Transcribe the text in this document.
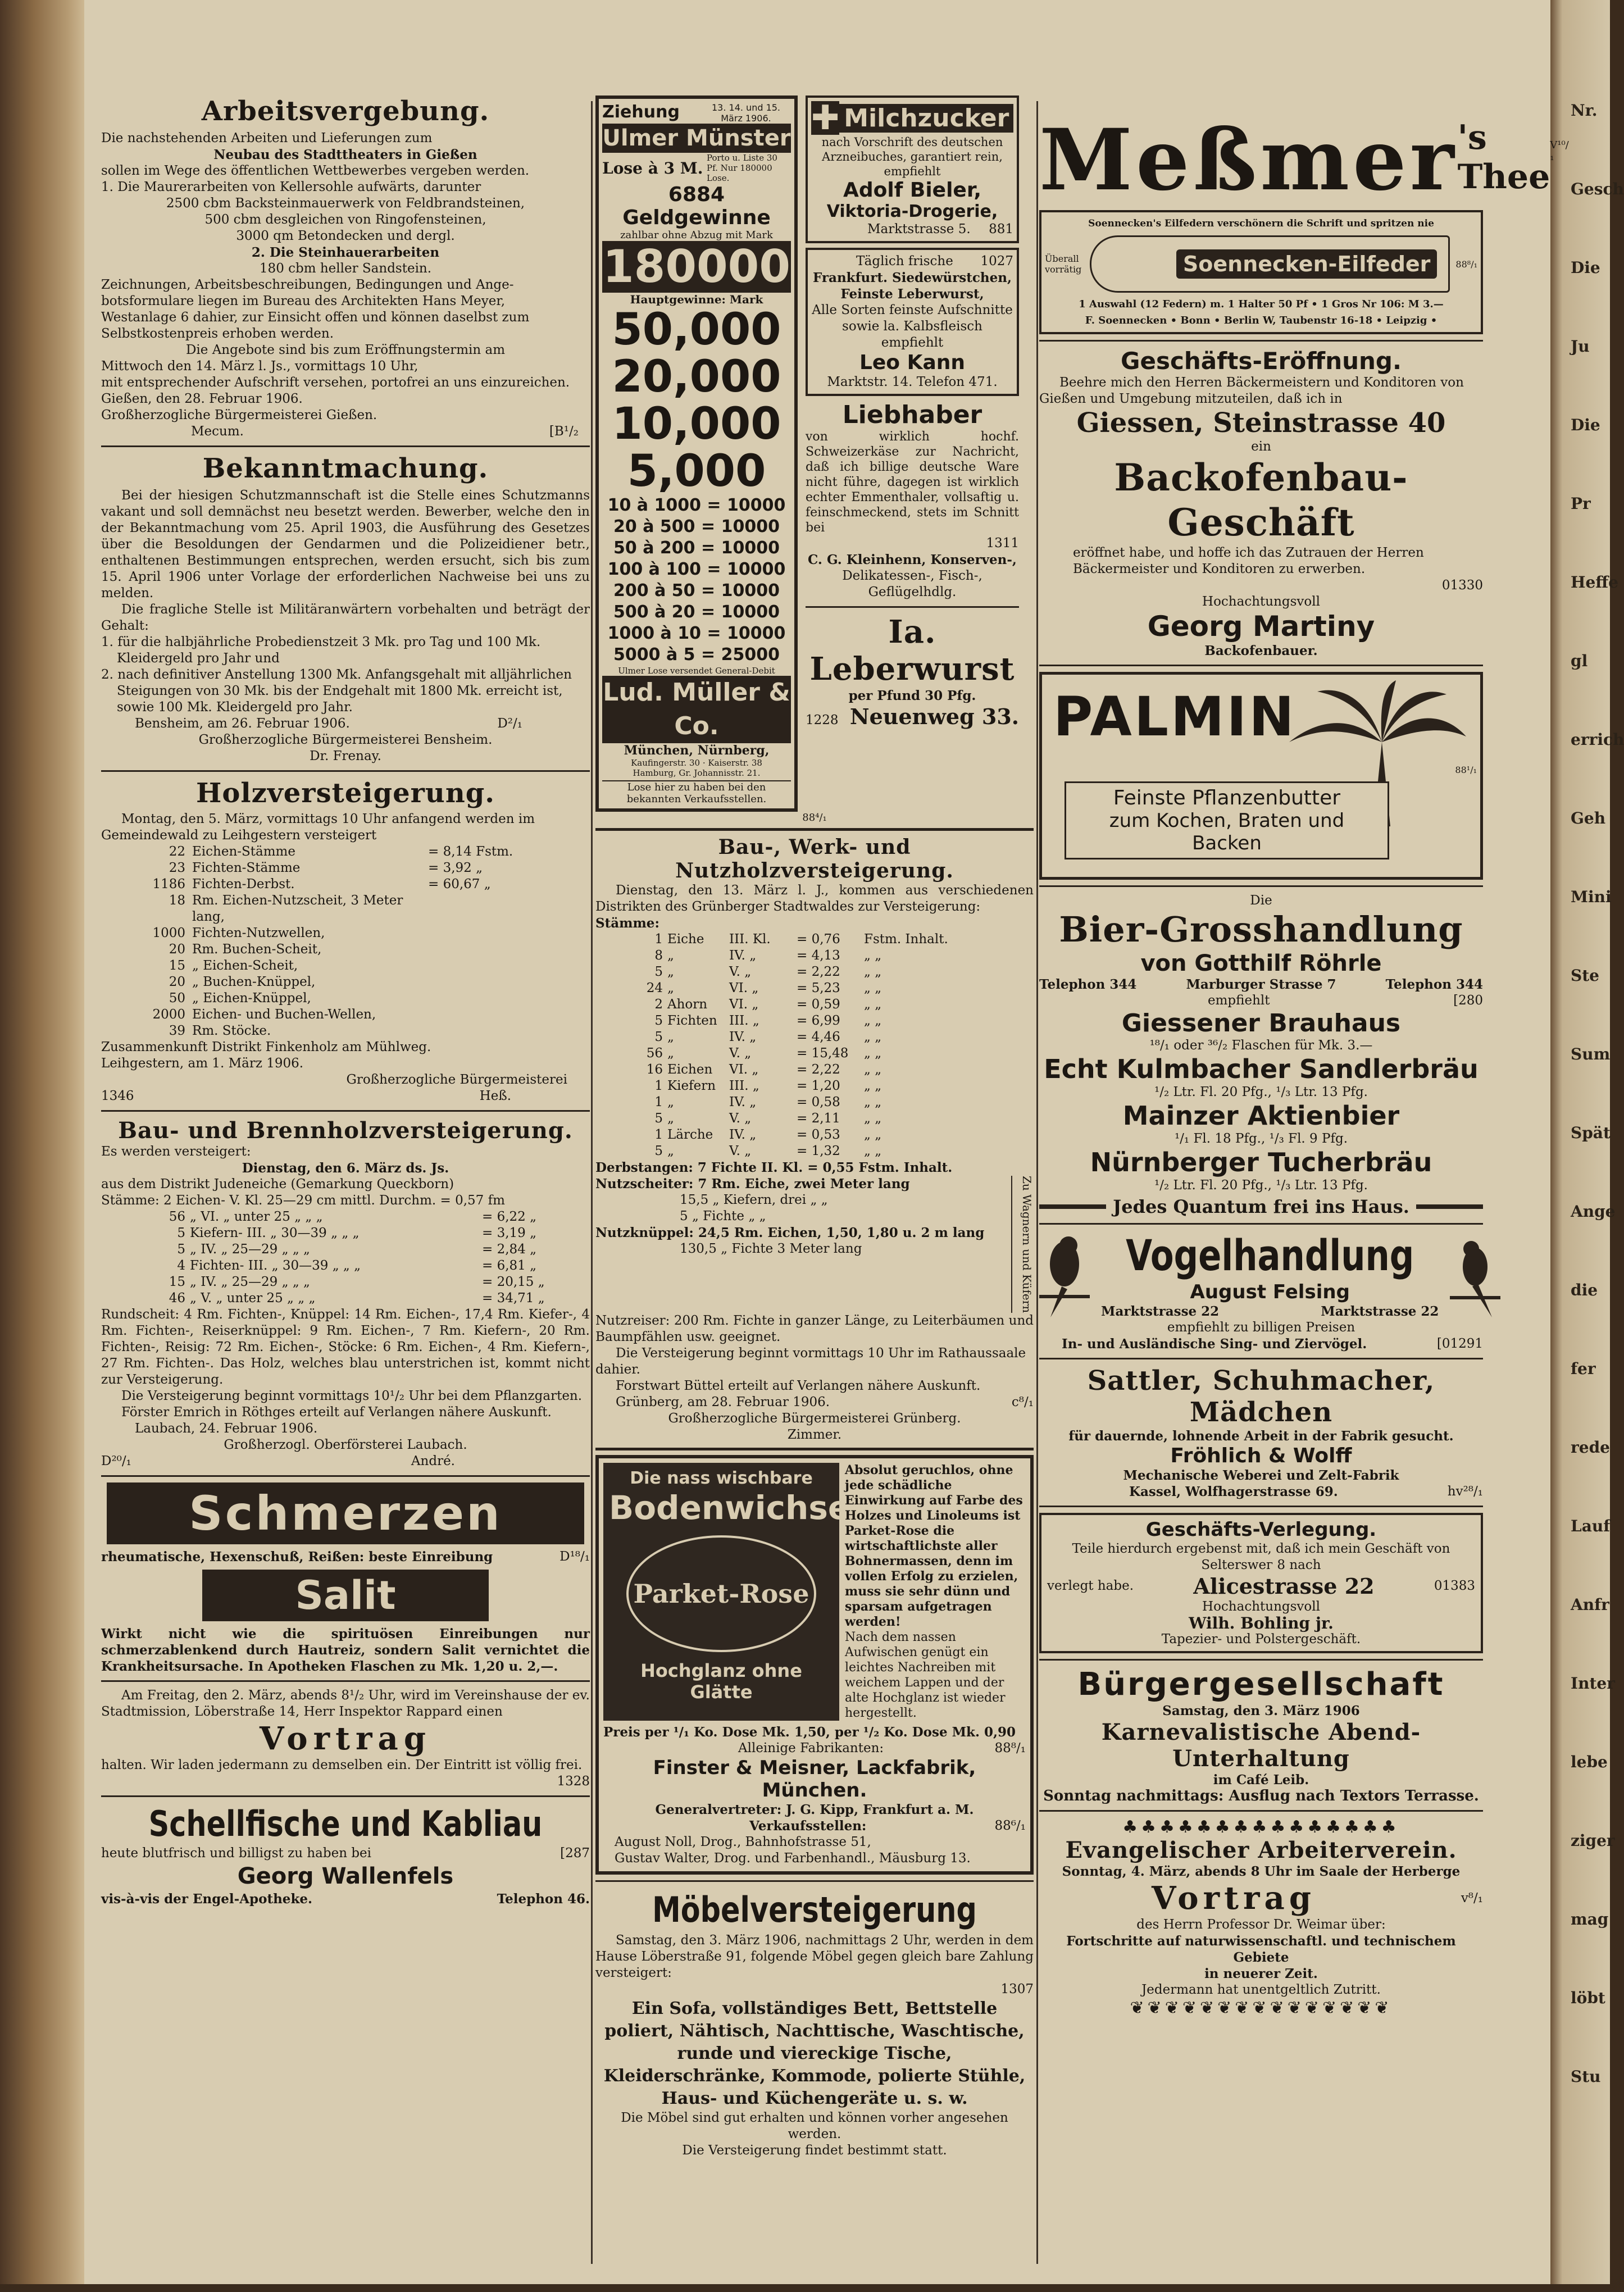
Nr.
Gesch
Die
Ju
Die
Pr
Heffe
gl
errich
Geh
Mini
Ste
Sum
Spät
Ange
die
fer
rede
Lauf
Anfr
Inter
lebe
ziger
mag
löbt
Stu
Arbeitsvergebung.

Die nachstehenden Arbeiten und Lieferungen zum

Neubau des Stadttheaters in Gießen

sollen im Wege des öffentlichen Wettbewerbes vergeben werden.

1. Die Maurerarbeiten von Kellersohle aufwärts, darunter

2500 cbm Backsteinmauerwerk von Feldbrandsteinen,

500 cbm desgleichen von Ringofensteinen,

3000 qm Betondecken und dergl.

2. Die Steinhauerarbeiten

180 cbm heller Sandstein.

Zeichnungen, Arbeitsbeschreibungen, Bedingungen und Ange-

botsformulare liegen im Bureau des Architekten Hans Meyer,

Westanlage 6 dahier, zur Einsicht offen und können daselbst zum

Selbstkostenpreis erhoben werden.

Die Angebote sind bis zum Eröffnungstermin am

Mittwoch den 14. März l. Js., vormittags 10 Uhr,

mit entsprechender Aufschrift versehen, portofrei an uns einzureichen.

Gießen, den 28. Februar 1906.

Großherzogliche Bürgermeisterei Gießen.

Mecum.	[B¹/₂
Bekanntmachung.

Bei der hiesigen Schutzmannschaft ist die Stelle eines Schutzmanns vakant und soll demnächst neu besetzt werden. Bewerber, welche den in der Bekanntmachung vom 25. April 1903, die Ausführung des Gesetzes über die Besoldungen der Gendarmen und die Polizeidiener betr., enthaltenen Bestimmungen entsprechen, werden ersucht, sich bis zum 15. April 1906 unter Vorlage der erforderlichen Nachweise bei uns zu melden.

Die fragliche Stelle ist Militäranwärtern vorbehalten und beträgt der Gehalt:

1. für die halbjährliche Probedienstzeit 3 Mk. pro Tag und 100 Mk. Kleidergeld pro Jahr und

2. nach definitiver Anstellung 1300 Mk. Anfangsgehalt mit alljährlichen Steigungen von 30 Mk. bis der Endgehalt mit 1800 Mk. erreicht ist, sowie 100 Mk. Kleidergeld pro Jahr.

Bensheim, am 26. Februar 1906.	D²/₁

Großherzogliche Bürgermeisterei Bensheim.

Dr. Frenay.

Holzversteigerung.

Montag, den 5. März, vormittags 10 Uhr anfangend werden im Gemeindewald zu Leihgestern versteigert

22 Eichen-Stämme	= 8,14 Fstm.
23 Fichten-Stämme	= 3,92 „
1186 Fichten-Derbst.	= 60,67 „
18 Rm. Eichen-Nutzscheit, 3 Meter lang,
1000 Fichten-Nutzwellen,
20 Rm. Buchen-Scheit,
15 „ Eichen-Scheit,
20 „ Buchen-Knüppel,
50 „ Eichen-Knüppel,
2000 Eichen- und Buchen-Wellen,
39 Rm. Stöcke.

Zusammenkunft Distrikt Finkenholz am Mühlweg.

Leihgestern, am 1. März 1906.

Großherzogliche Bürgermeisterei

1346	Heß.
Bau- und Brennholzversteigerung.

Es werden versteigert:

Dienstag, den 6. März ds. Js.

aus dem Distrikt Judeneiche (Gemarkung Queckborn)

Stämme: 2 Eichen- V. Kl. 25—29 cm mittl. Durchm. = 0,57 fm

56 „ VI. „ unter 25 „ „ „	= 6,22 „
5 Kiefern- III. „ 30—39 „ „ „	= 3,19 „
5 „ IV. „ 25—29 „ „ „	= 2,84 „
4 Fichten- III. „ 30—39 „ „ „	= 6,81 „
15 „ IV. „ 25—29 „ „ „	= 20,15 „
46 „ V. „ unter 25 „ „ „	= 34,71 „

Rundscheit: 4 Rm. Fichten-, Knüppel: 14 Rm. Eichen-, 17,4 Rm. Kiefer-, 4 Rm. Fichten-, Reiserknüppel: 9 Rm. Eichen-, 7 Rm. Kiefern-, 20 Rm. Fichten-, Reisig: 72 Rm. Eichen-, Stöcke: 6 Rm. Eichen-, 4 Rm. Kiefern-, 27 Rm. Fichten-. Das Holz, welches blau unterstrichen ist, kommt nicht zur Versteigerung.

Die Versteigerung beginnt vormittags 10¹/₂ Uhr bei dem Pflanzgarten.

Förster Emrich in Röthges erteilt auf Verlangen nähere Auskunft.

Laubach, 24. Februar 1906.

Großherzogl. Oberförsterei Laubach.

D²⁰/₁	André.
Schmerzen
rheumatische, Hexenschuß, Reißen: beste Einreibung	D¹⁸/₁
Salit

Wirkt nicht wie die spirituösen Einreibungen nur schmerzablenkend durch Hautreiz, sondern Salit vernichtet die Krankheitsursache. In Apotheken Flaschen zu Mk. 1,20 u. 2,—.

Am Freitag, den 2. März, abends 8¹/₂ Uhr, wird im Vereinshause der ev. Stadtmission, Löberstraße 14, Herr Inspektor Rappard einen

Vortrag

halten. Wir laden jedermann zu demselben ein. Der Eintritt ist völlig frei.

1328

Schellfische und Kabliau
heute blutfrisch und billigst zu haben bei	[287
Georg Wallenfels
vis-à-vis der Engel-Apotheke.	Telephon 46.
Ziehung	13. 14. und 15. März 1906.
Ulmer Münster
Lose à 3 M.
Porto u. Liste 30 Pf. Nur 180000 Lose.
6884 Geldgewinne
zahlbar ohne Abzug mit Mark
180000
Hauptgewinne: Mark
50,000
20,000
10,000
5,000
10 à 1000 = 10000
20 à 500 = 10000
50 à 200 = 10000
100 à 100 = 10000
200 à 50 = 10000
500 à 20 = 10000
1000 à 10 = 10000
5000 à 5 = 25000
Ulmer Lose versendet General-Debit
Lud. Müller & Co.
München, Nürnberg,
Kaufingerstr. 30 · Kaiserstr. 38
Hamburg, Gr. Johannisstr. 21.
Lose hier zu haben bei den bekannten Verkaufsstellen.
✚ Milchzucker

nach Vorschrift des deutschen Arzneibuches, garantiert rein, empfiehlt

Adolf Bieler,
Viktoria-Drogerie,
Marktstrasse 5. 881
Täglich frische 1027

Frankfurt. Siedewürstchen,

Feinste Leberwurst,

Alle Sorten feinste Aufschnitte

sowie la. Kalbsfleisch

empfiehlt

Leo Kann

Marktstr. 14. Telefon 471.

Liebhaber

von wirklich hochf. Schweizerkäse zur Nachricht, daß ich billige deutsche Ware nicht führe, dagegen ist wirklich echter Emmenthaler, vollsaftig u. feinschmeckend, stets im Schnitt bei

1311

C. G. Kleinhenn, Konserven-,

Delikatessen-, Fisch-, Geflügelhdlg.

Ia. Leberwurst

per Pfund 30 Pfg.

1228 Neuenweg 33.
88⁴/₁
Bau-, Werk- und Nutzholzversteigerung.

Dienstag, den 13. März l. J., kommen aus verschiedenen Distrikten des Grünberger Stadtwaldes zur Versteigerung:

Stämme:

1 Eiche	III. Kl.	= 0,76	Fstm. Inhalt.
8 „	IV. „	= 4,13	„ „
5 „	V. „	= 2,22	„ „
24 „	VI. „	= 5,23	„ „
2 Ahorn	VI. „	= 0,59	„ „
5 Fichten III. „	= 6,99	„ „
5 „	IV. „	= 4,46	„ „
56 „	V. „	= 15,48	„ „
16 Eichen	VI. „	= 2,22	„ „
1 Kiefern	III. „	= 1,20	„ „
1 „	IV. „	= 0,58	„ „
5 „	V. „	= 2,11	„ „
1 Lärche	IV. „	= 0,53	„ „
5 „	V. „	= 1,32	„ „

Derbstangen: 7 Fichte II. Kl. = 0,55 Fstm. Inhalt.

Nutzscheiter: 7 Rm. Eiche, zwei Meter lang

15,5 „ Kiefern, drei „ „

5 „ Fichte „ „

Nutzknüppel: 24,5 Rm. Eichen, 1,50, 1,80 u. 2 m lang

130,5 „ Fichte 3 Meter lang	Zu Wagnern und Küfern

Nutzreiser: 200 Rm. Fichte in ganzer Länge, zu Leiterbäumen und Baumpfählen usw. geeignet.

Die Versteigerung beginnt vormittags 10 Uhr im Rathaussaale dahier.

Forstwart Büttel erteilt auf Verlangen nähere Auskunft.

Grünberg, am 28. Februar 1906.	c⁸/₁

Großherzogliche Bürgermeisterei Grünberg.

Zimmer.

Die nass wischbare
Bodenwichse
Parket-Rose
Hochglanz ohne Glätte

Absolut geruchlos, ohne jede schädliche Einwirkung auf Farbe des Holzes und Linoleums ist Parket-Rose die wirtschaftlichste aller Bohnermassen, denn im vollen Erfolg zu erzielen, muss sie sehr dünn und sparsam aufgetragen werden!

Nach dem nassen Aufwischen genügt ein leichtes Nachreiben mit weichem Lappen und der alte Hochglanz ist wieder hergestellt.

Preis per ¹/₁ Ko. Dose Mk. 1,50, per ¹/₂ Ko. Dose Mk. 0,90

Alleinige Fabrikanten:	88⁸/₁
Finster & Meisner, Lackfabrik, München.

Generalvertreter: J. G. Kipp, Frankfurt a. M.

Verkaufsstellen:	88⁶/₁

August Noll, Drog., Bahnhofstrasse 51,

Gustav Walter, Drog. und Farbenhandl., Mäusburg 13.

Möbelversteigerung

Samstag, den 3. März 1906, nachmittags 2 Uhr, werden in dem Hause Löberstraße 91, folgende Möbel gegen gleich bare Zahlung versteigert:

1307

Ein Sofa, vollständiges Bett, Bettstelle poliert, Nähtisch, Nachttische, Waschtische, runde und viereckige Tische, Kleiderschränke, Kommode, polierte Stühle, Haus- und Küchengeräte u. s. w.

Die Möbel sind gut erhalten und können vorher angesehen werden.

Die Versteigerung findet bestimmt statt.

Meßmer 's Thee
V¹⁰/₁

Soennecken's Eilfedern verschönern die Schrift und spritzen nie

Überall vorrätig	Soennecken-Eilfeder	88⁸/₁

1 Auswahl (12 Federn) m. 1 Halter 50 Pf • 1 Gros Nr 106: M 3.—

F. Soennecken • Bonn • Berlin W, Taubenstr 16-18 • Leipzig •

Geschäfts-Eröffnung.

Beehre mich den Herren Bäckermeistern und Konditoren von Gießen und Umgebung mitzuteilen, daß ich in

Giessen, Steinstrasse 40

ein

Backofenbau-Geschäft

eröffnet habe, und hoffe ich das Zutrauen der Herren Bäckermeister und Konditoren zu erwerben.

01330

Hochachtungsvoll

Georg Martiny

Backofenbauer.

PALMIN
Feinste Pflanzenbutter
zum Kochen, Braten und
Backen
88¹/₁

Die

Bier-Grosshandlung
von Gotthilf Röhrle
Telephon 344	Marburger Strasse 7	Telephon 344
empfiehlt	[280
Giessener Brauhaus

¹⁸/₁ oder ³⁶/₂ Flaschen für Mk. 3.—

Echt Kulmbacher Sandlerbräu

¹/₂ Ltr. Fl. 20 Pfg., ¹/₃ Ltr. 13 Pfg.

Mainzer Aktienbier

¹/₁ Fl. 18 Pfg., ¹/₃ Fl. 9 Pfg.

Nürnberger Tucherbräu

¹/₂ Ltr. Fl. 20 Pfg., ¹/₃ Ltr. 13 Pfg.

Jedes Quantum frei ins Haus.
Vogelhandlung
August Felsing
Marktstrasse 22	Marktstrasse 22

empfiehlt zu billigen Preisen

In- und Ausländische Sing- und Ziervögel.	[01291
Sattler, Schuhmacher, Mädchen

für dauernde, lohnende Arbeit in der Fabrik gesucht.

Fröhlich & Wolff

Mechanische Weberei und Zelt-Fabrik

Kassel, Wolfhagerstrasse 69.	hv²⁸/₁
Geschäfts-Verlegung.

Teile hierdurch ergebenst mit, daß ich mein Geschäft von Selterswег 8 nach

verlegt habe.	Alicestrasse 22	01383

Hochachtungsvoll

Wilh. Bohling jr.

Tapezier- und Polstergeschäft.

Bürgergesellschaft

Samstag, den 3. März 1906

Karnevalistische Abend-Unterhaltung

im Café Leib.

Sonntag nachmittags: Ausflug nach Textors Terrasse.

♣♣♣♣♣♣♣♣♣♣♣♣♣♣♣
Evangelischer Arbeiterverein.

Sonntag, 4. März, abends 8 Uhr im Saale der Herberge

Vortrag	v⁸/₁

des Herrn Professor Dr. Weimar über:

Fortschritte auf naturwissenschaftl. und technischem Gebiete

in neuerer Zeit.

Jedermann hat unentgeltlich Zutritt.

❦❦❦❦❦❦❦❦❦❦❦❦❦❦❦
